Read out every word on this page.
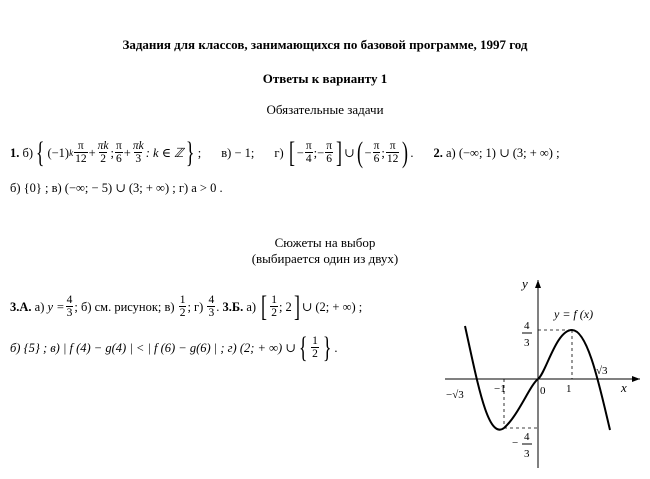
Задания для классов, занимающихся по базовой программе, 1997 год
Ответы к варианту 1
Обязательные задачи
1.
б) { (−1) k
π
$12 + \frac{\pi k}{2}$ ; π
$6 + \frac{\pi k}{3}$ : k ∈ ℤ } ; в) − 1; г)
[ − $\frac{\pi}{4}$ ; − $\frac{\pi}{6}$ ] ∪ ( − $\frac{\pi}{6}$ ; π
12 ) . 2.
а) (−∞; 1) ∪ (3; + ∞) ;
б) {0} ; в) (−∞; − 5) ∪ (3; + ∞) ; г) a > 0 .
Сюжеты на выбор
(выбирается один из двух)
3.А.
а)
$y = \frac{4}{3}$ ; б) см. рисунок; в)
1
2 ; г)
4
3 . 3.Б.
а)
[ 1
2 ; 2 ] ∪ (2; + ∞) ;
б) {5} ; в) | f (4) − g(4) | < | f (6) − g(6) | ; г) (2; + ∞) ∪ { 1
2 } .
y
x
y = f (x)
4
3
− 4
3
−√3	−1	0 1
√3
